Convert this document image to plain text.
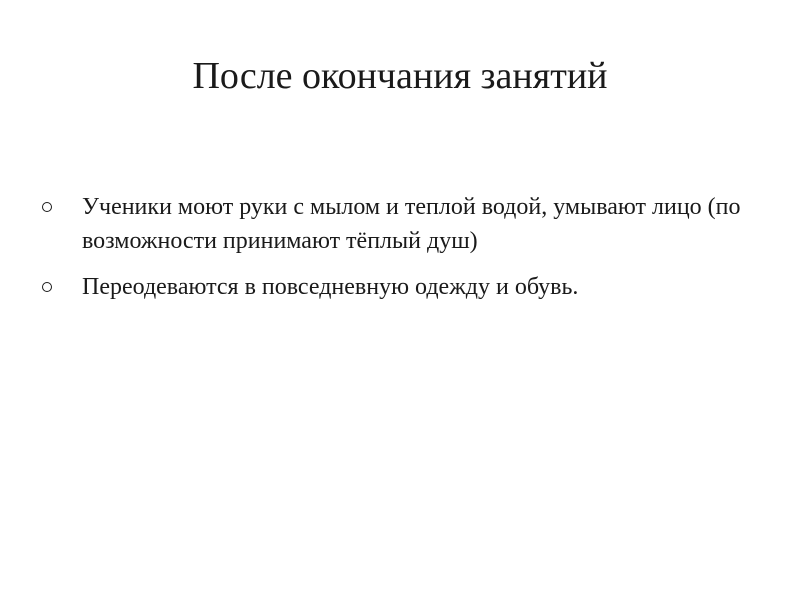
После окончания занятий
Ученики моют руки с мылом и теплой водой, умывают лицо (по возможности принимают тёплый душ)
Переодеваются в повседневную одежду и обувь.
